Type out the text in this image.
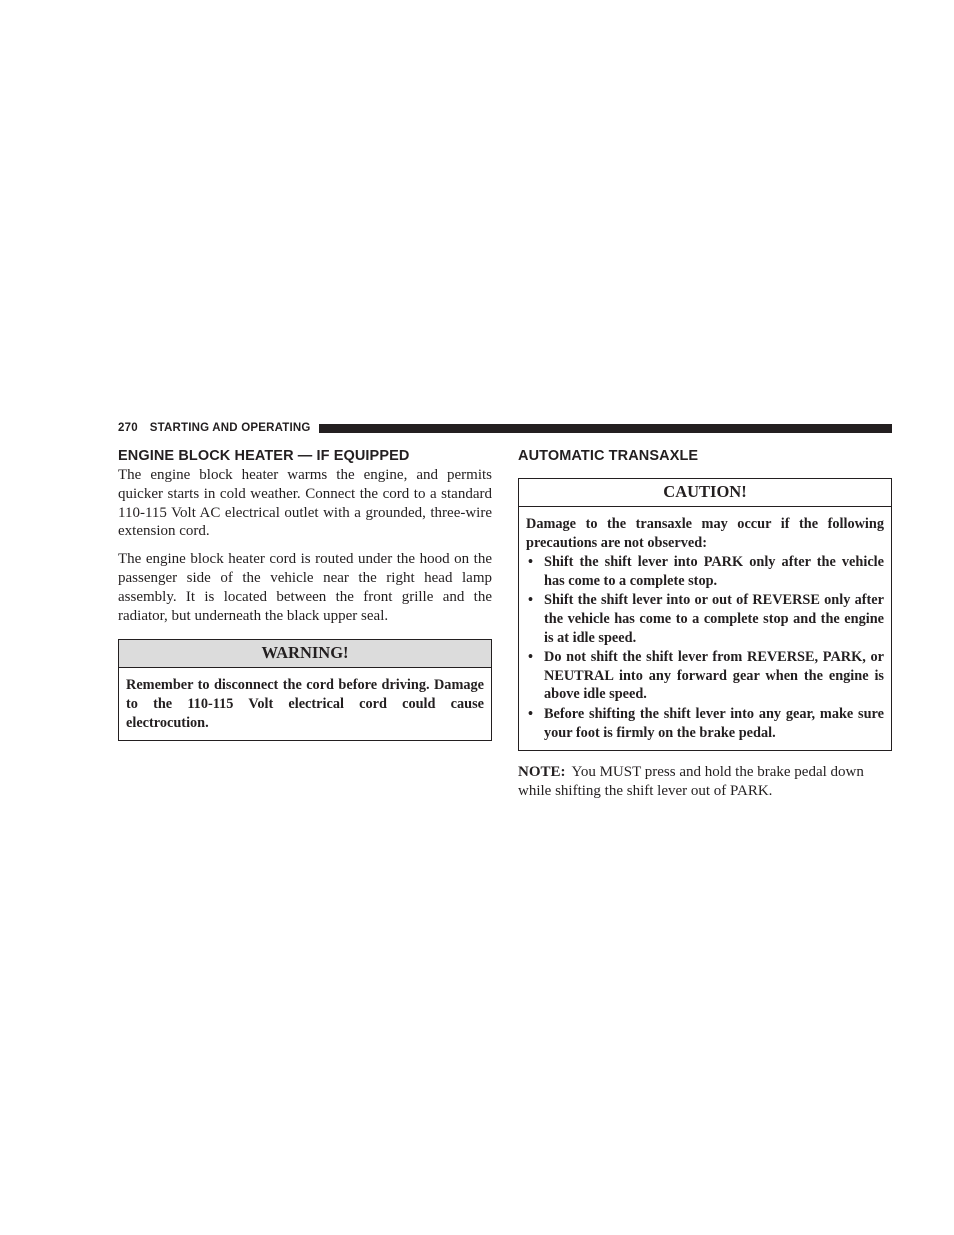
270 STARTING AND OPERATING
ENGINE BLOCK HEATER — IF EQUIPPED

The engine block heater warms the engine, and permits quicker starts in cold weather. Connect the cord to a standard 110-115 Volt AC electrical outlet with a grounded, three-wire extension cord.

The engine block heater cord is routed under the hood on the passenger side of the vehicle near the right head lamp assembly. It is located between the front grille and the radiator, but underneath the black upper seal.

WARNING!
Remember to disconnect the cord before driving. Damage to the 110-115 Volt electrical cord could cause electrocution.
AUTOMATIC TRANSAXLE
CAUTION!
Damage to the transaxle may occur if the following precautions are not observed:
• Shift the shift lever into PARK only after the vehicle has come to a complete stop.
• Shift the shift lever into or out of REVERSE only after the vehicle has come to a complete stop and the engine is at idle speed.
• Do not shift the shift lever from REVERSE, PARK, or NEUTRAL into any forward gear when the engine is above idle speed.
• Before shifting the shift lever into any gear, make sure your foot is firmly on the brake pedal.

NOTE: You MUST press and hold the brake pedal down while shifting the shift lever out of PARK.
